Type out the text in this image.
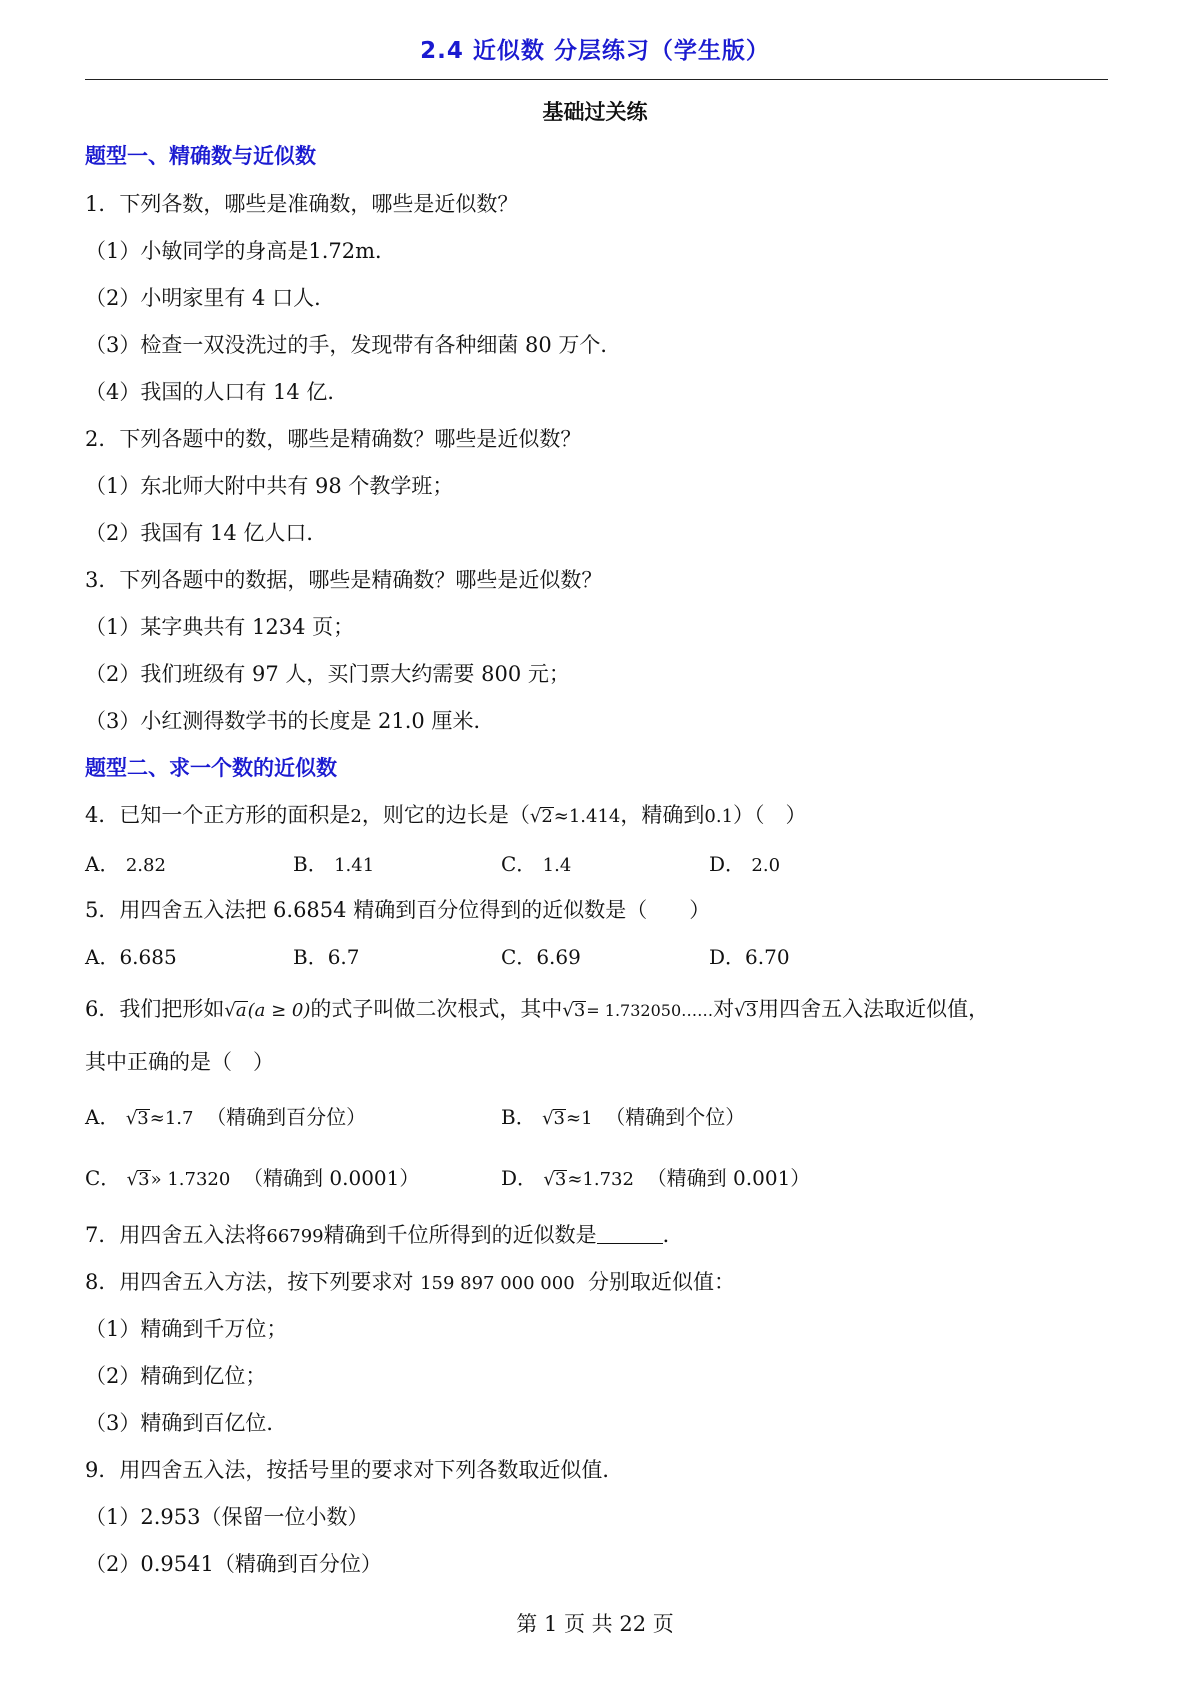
2.4 近似数 分层练习（学生版）
基础过关练
题型一、精确数与近似数
1．下列各数，哪些是准确数，哪些是近似数？
（1）小敏同学的身高是1.72m．
（2）小明家里有 4 口人．
（3）检查一双没洗过的手，发现带有各种细菌 80 万个．
（4）我国的人口有 14 亿．
2．下列各题中的数，哪些是精确数？哪些是近似数？
（1）东北师大附中共有 98 个教学班；
（2）我国有 14 亿人口．
3．下列各题中的数据，哪些是精确数？哪些是近似数？
（1）某字典共有 1234 页；
（2）我们班级有 97 人，买门票大约需要 800 元；
（3）小红测得数学书的长度是 21.0 厘米．
题型二、求一个数的近似数
4．已知一个正方形的面积是2，则它的边长是（√2≈1.414，精确到0.1）（　）
A． 2.82	B． 1.41	C． 1.4	D． 2.0
5．用四舍五入法把 6.6854 精确到百分位得到的近似数是（　　）
A．6.685	B．6.7	C．6.69	D．6.70
6．我们把形如√a(a ≥ 0)的式子叫做二次根式，其中√3= 1.732050……对√3用四舍五入法取近似值，
其中正确的是（　）
A． √3≈1.7 （精确到百分位）	B． √3≈1 （精确到个位）
C． √3» 1.7320 （精确到 0.0001）	D． √3≈1.732 （精确到 0.001）
7．用四舍五入法将66799精确到千位所得到的近似数是	．
8．用四舍五入方法，按下列要求对 159 897 000 000 分别取近似值：
（1）精确到千万位；
（2）精确到亿位；
（3）精确到百亿位．
9．用四舍五入法，按括号里的要求对下列各数取近似值．
（1）2.953（保留一位小数）
（2）0.9541（精确到百分位）
第 1 页 共 22 页
